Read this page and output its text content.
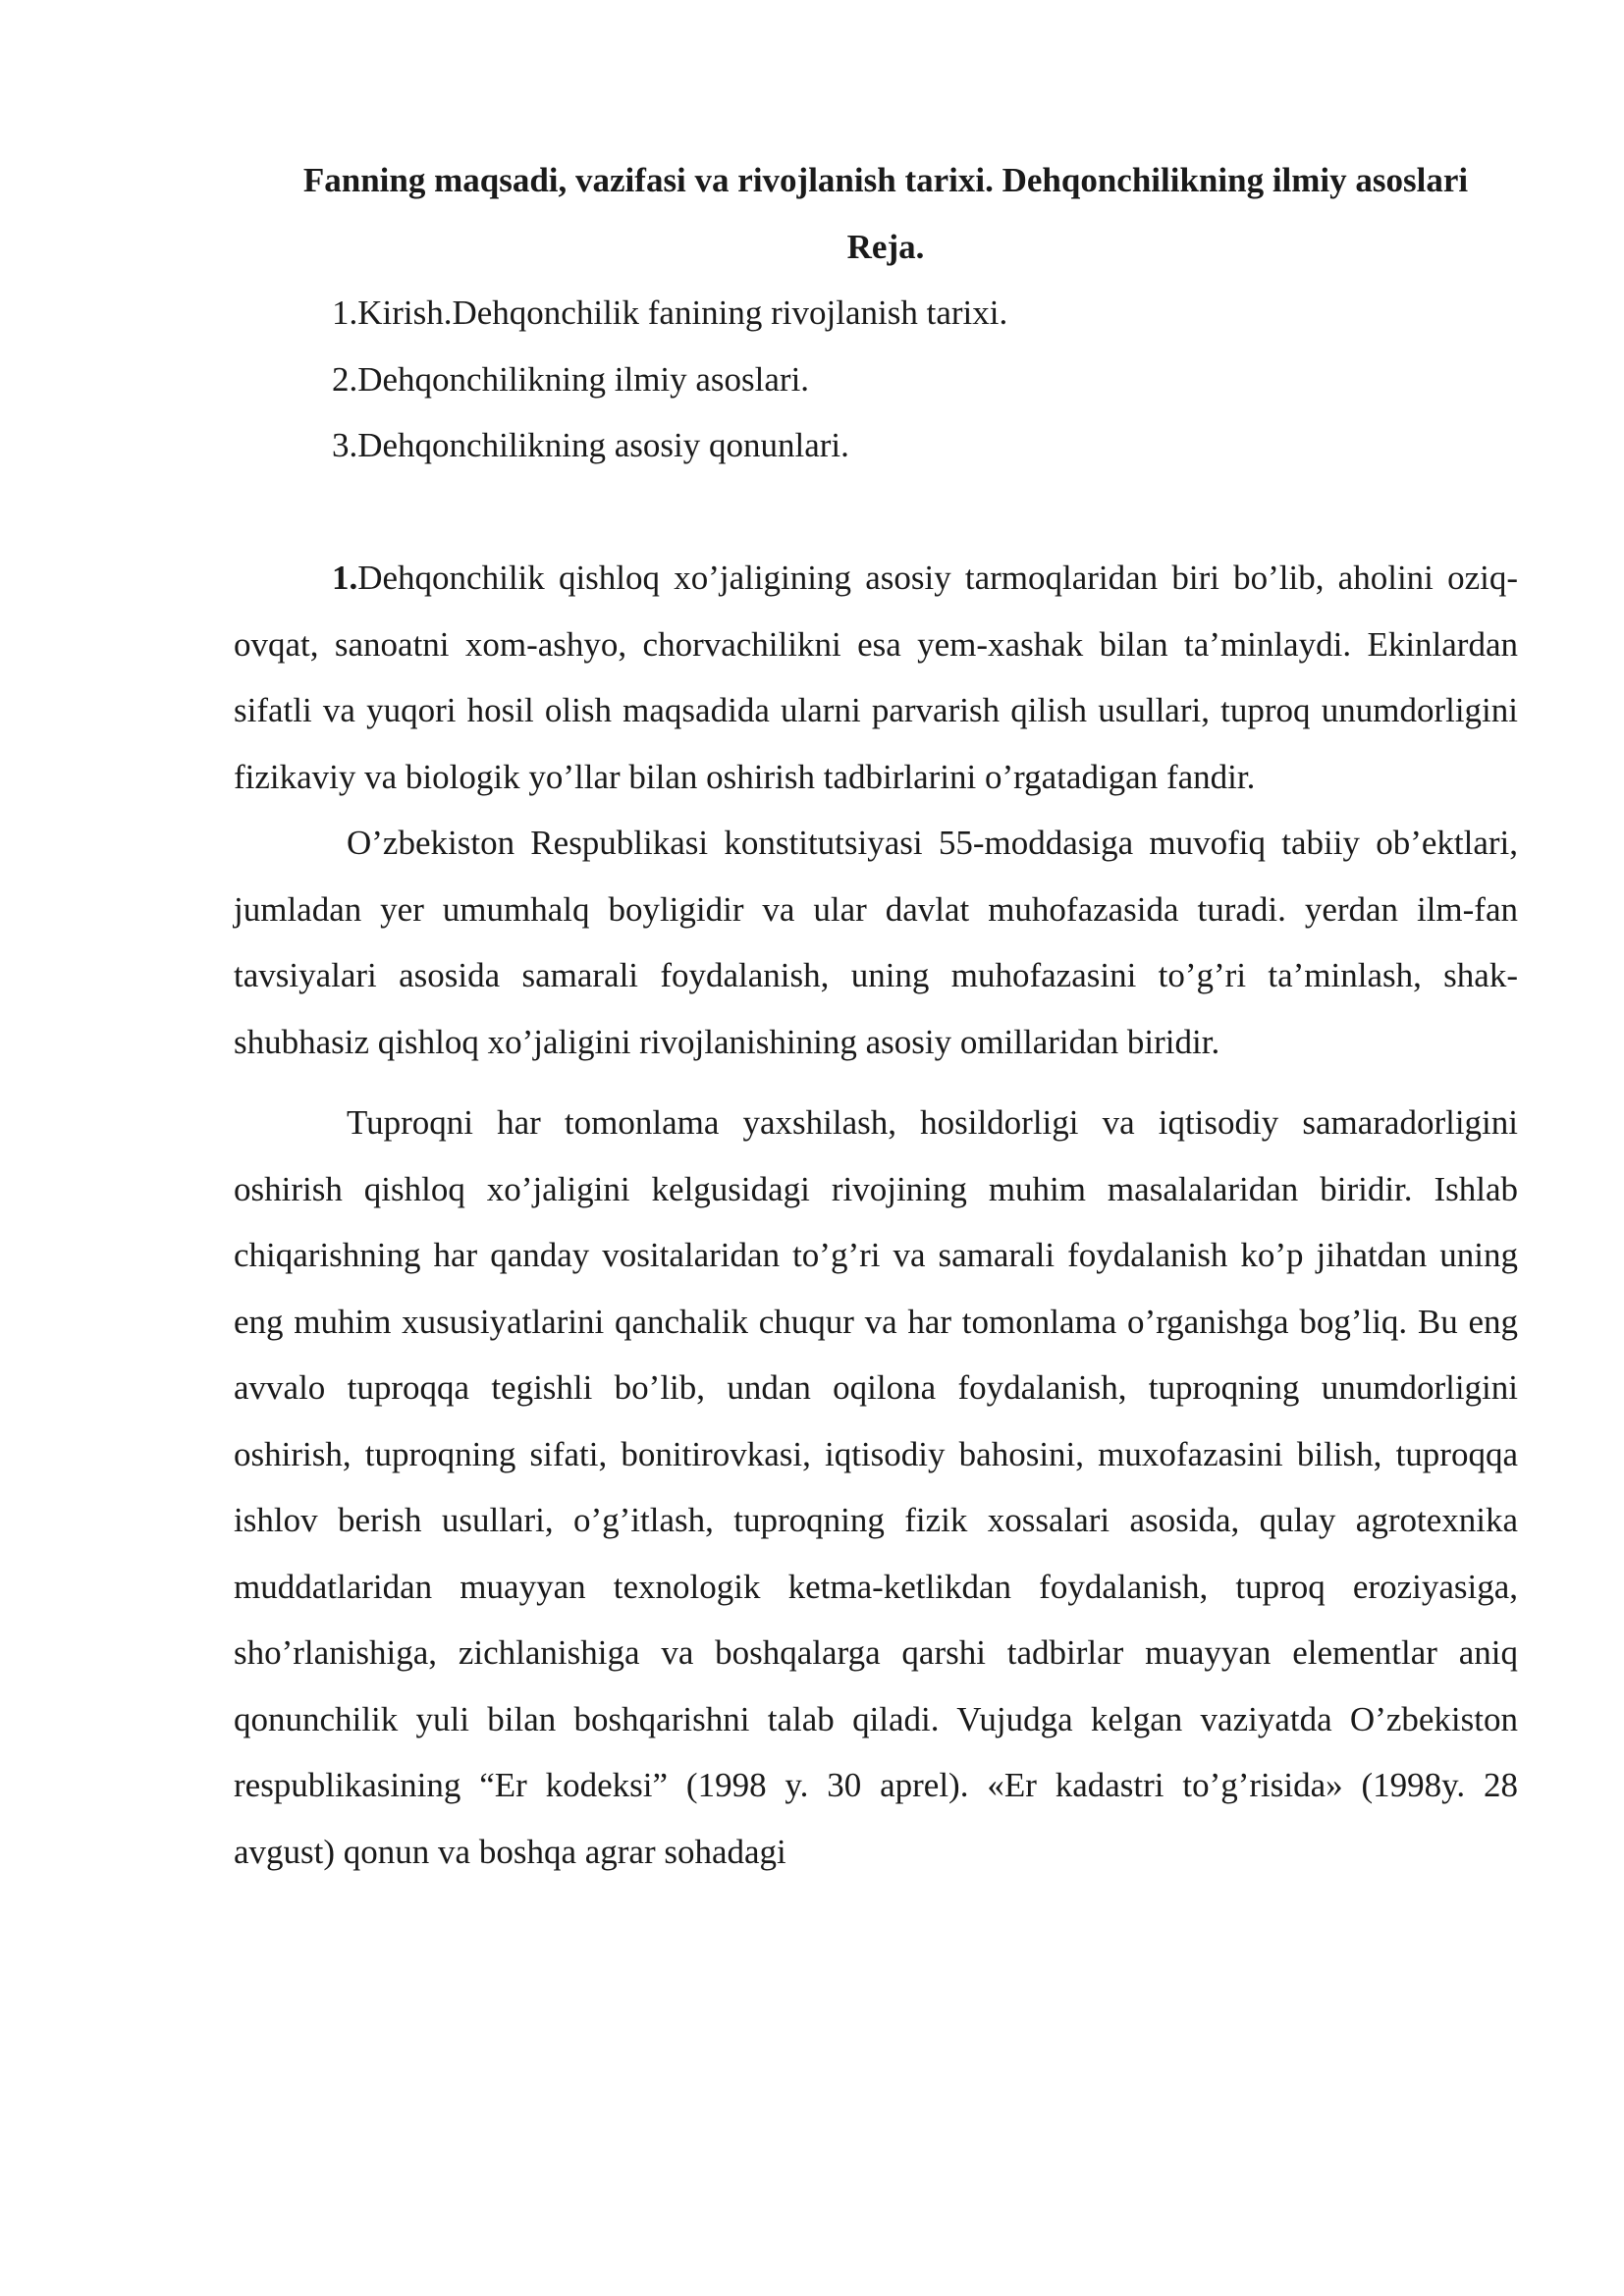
Fanning maqsadi, vazifasi va rivojlanish tarixi. Dehqonchilikning ilmiy asoslari

Reja.

1.Kirish.Dehqonchilik fanining rivojlanish tarixi.
2.Dehqonchilikning ilmiy asoslari.
3.Dehqonchilikning asosiy qonunlari.

1.Dehqonchilik qishloq xo’jaligining asosiy tarmoqlaridan biri bo’lib, aholini oziq-ovqat, sanoatni xom-ashyo, chorvachilikni esa yem-xashak bilan ta’minlaydi. Ekinlardan sifatli va yuqori hosil olish maqsadida ularni parvarish qilish usullari, tuproq unumdorligini fizikaviy va biologik yo’llar bilan oshirish tadbirlarini o’rgatadigan fandir.

O’zbekiston Respublikasi konstitutsiyasi 55-moddasiga muvofiq tabiiy ob’ektlari, jumladan yer umumhalq boyligidir va ular davlat muhofazasida turadi. yerdan ilm-fan tavsiyalari asosida samarali foydalanish, uning muhofazasini to’g’ri ta’minlash, shak-shubhasiz qishloq xo’jaligini rivojlanishining asosiy omillaridan biridir.

Tuproqni har tomonlama yaxshilash, hosildorligi va iqtisodiy samaradorligini oshirish qishloq xo’jaligini kelgusidagi rivojining muhim masalalaridan biridir. Ishlab chiqarishning har qanday vositalaridan to’g’ri va samarali foydalanish ko’p jihatdan uning eng muhim xususiyatlarini qanchalik chuqur va har tomonlama o’rganishga bog’liq. Bu eng avvalo tuproqqa tegishli bo’lib, undan oqilona foydalanish, tuproqning unumdorligini oshirish, tuproqning sifati, bonitirovkasi, iqtisodiy bahosini, muxofazasini bilish, tuproqqa ishlov berish usullari, o’g’itlash, tuproqning fizik xossalari asosida, qulay agrotexnika muddatlaridan muayyan texnologik ketma-ketlikdan foydalanish, tuproq eroziyasiga, sho’rlanishiga, zichlanishiga va boshqalarga qarshi tadbirlar muayyan elementlar aniq qonunchilik yuli bilan boshqarishni talab qiladi. Vujudga kelgan vaziyatda O’zbekiston respublikasining “Er kodeksi” (1998 y. 30 aprel). «Er kadastri to’g’risida» (1998y. 28 avgust) qonun va boshqa agrar sohadagi
